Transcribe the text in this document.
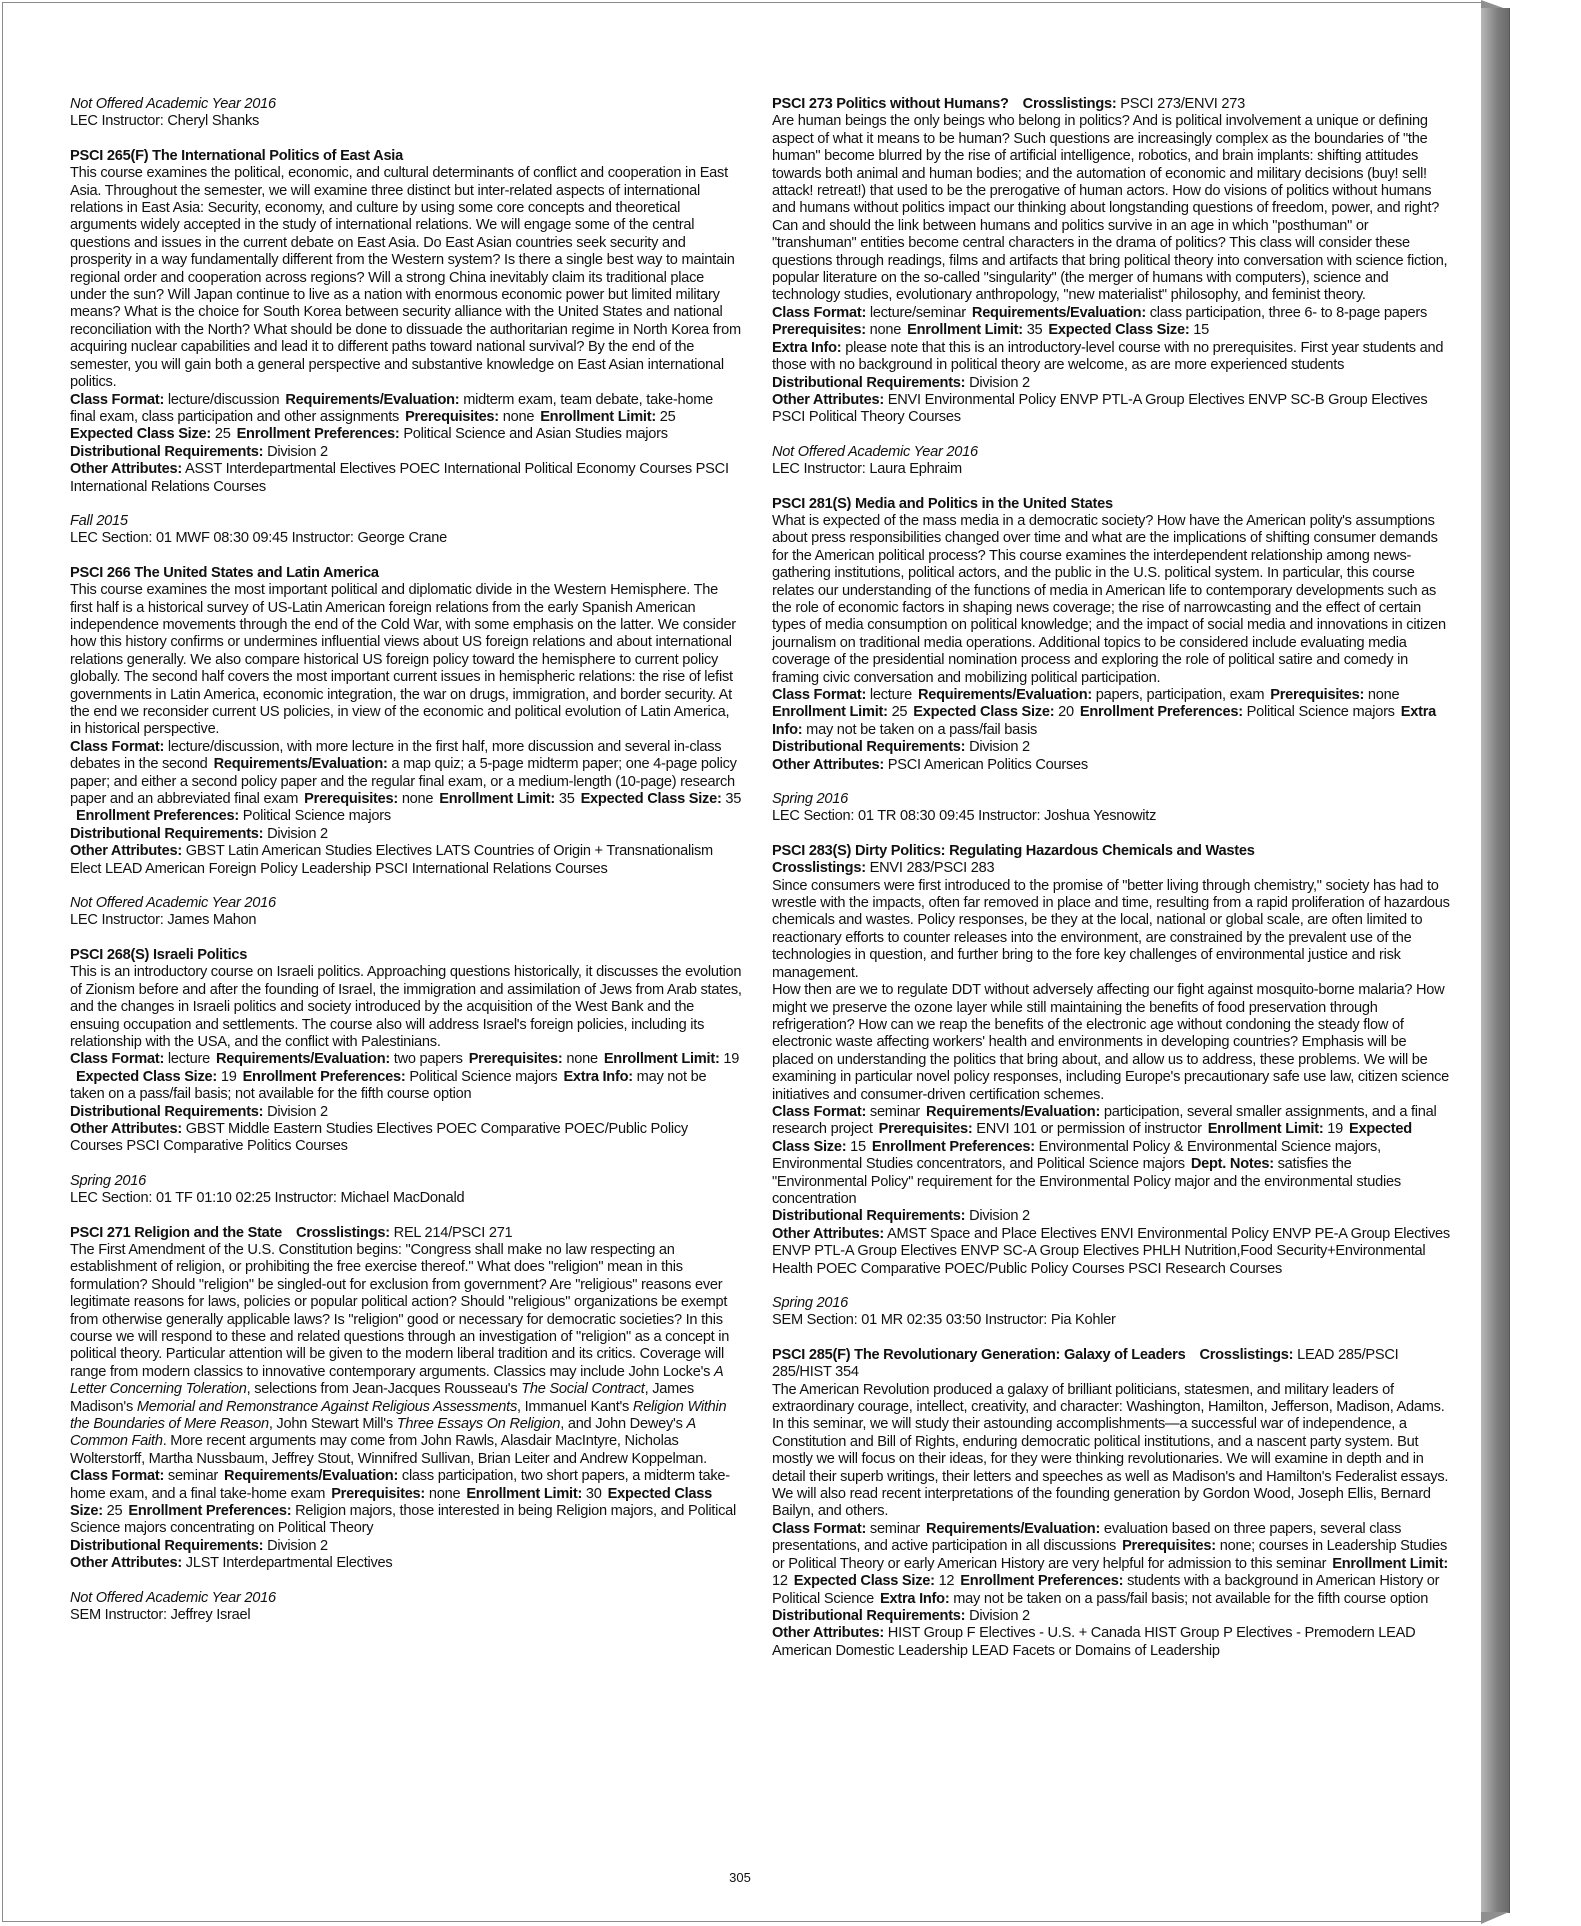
Not Offered Academic Year 2016

LEC Instructor: Cheryl Shanks

PSCI 265(F) The International Politics of East Asia

This course examines the political, economic, and cultural determinants of conflict and cooperation in East Asia. Throughout the semester, we will examine three distinct but inter-related aspects of international relations in East Asia: Security, economy, and culture by using some core concepts and theoretical arguments widely accepted in the study of international relations. We will engage some of the central questions and issues in the current debate on East Asia. Do East Asian countries seek security and prosperity in a way fundamentally different from the Western system? Is there a single best way to maintain regional order and cooperation across regions? Will a strong China inevitably claim its traditional place under the sun? Will Japan continue to live as a nation with enormous economic power but limited military means? What is the choice for South Korea between security alliance with the United States and national reconciliation with the North? What should be done to dissuade the authoritarian regime in North Korea from acquiring nuclear capabilities and lead it to different paths toward national survival? By the end of the semester, you will gain both a general perspective and substantive knowledge on East Asian international politics.

Class Format: lecture/discussion Requirements/Evaluation: midterm exam, team debate, take-home final exam, class participation and other assignments Prerequisites: none Enrollment Limit: 25Expected Class Size: 25 Enrollment Preferences: Political Science and Asian Studies majors

Distributional Requirements: Division 2

Other Attributes: ASST Interdepartmental Electives POEC International Political Economy Courses PSCI International Relations Courses

Fall 2015

LEC Section: 01 MWF 08:30 09:45 Instructor: George Crane

PSCI 266 The United States and Latin America

This course examines the most important political and diplomatic divide in the Western Hemisphere. The first half is a historical survey of US-Latin American foreign relations from the early Spanish American independence movements through the end of the Cold War, with some emphasis on the latter. We consider how this history confirms or undermines influential views about US foreign relations and about international relations generally. We also compare historical US foreign policy toward the hemisphere to current policy globally. The second half covers the most important current issues in hemispheric relations: the rise of lefist governments in Latin America, economic integration, the war on drugs, immigration, and border security. At the end we reconsider current US policies, in view of the economic and political evolution of Latin America, in historical perspective.

Class Format: lecture/discussion, with more lecture in the first half, more discussion and several in-class debates in the second Requirements/Evaluation: a map quiz; a 5-page midterm paper; one 4-page policy paper; and either a second policy paper and the regular final exam, or a medium-length (10-page) research paper and an abbreviated final exam Prerequisites: none Enrollment Limit: 35 Expected Class Size: 35Enrollment Preferences: Political Science majors

Distributional Requirements: Division 2

Other Attributes: GBST Latin American Studies Electives LATS Countries of Origin + Transnationalism Elect LEAD American Foreign Policy Leadership PSCI International Relations Courses

Not Offered Academic Year 2016

LEC Instructor: James Mahon

PSCI 268(S) Israeli Politics

This is an introductory course on Israeli politics. Approaching questions historically, it discusses the evolution of Zionism before and after the founding of Israel, the immigration and assimilation of Jews from Arab states, and the changes in Israeli politics and society introduced by the acquisition of the West Bank and the ensuing occupation and settlements. The course also will address Israel's foreign policies, including its relationship with the USA, and the conflict with Palestinians.

Class Format: lecture Requirements/Evaluation: two papers Prerequisites: none Enrollment Limit: 19Expected Class Size: 19 Enrollment Preferences: Political Science majors Extra Info: may not be taken on a pass/fail basis; not available for the fifth course option

Distributional Requirements: Division 2

Other Attributes: GBST Middle Eastern Studies Electives POEC Comparative POEC/Public Policy Courses PSCI Comparative Politics Courses

Spring 2016

LEC Section: 01 TF 01:10 02:25 Instructor: Michael MacDonald

PSCI 271 Religion and the State Crosslistings: REL 214/PSCI 271

The First Amendment of the U.S. Constitution begins: "Congress shall make no law respecting an establishment of religion, or prohibiting the free exercise thereof." What does "religion" mean in this formulation? Should "religion" be singled-out for exclusion from government? Are "religious" reasons ever legitimate reasons for laws, policies or popular political action? Should "religious" organizations be exempt from otherwise generally applicable laws? Is "religion" good or necessary for democratic societies? In this course we will respond to these and related questions through an investigation of "religion" as a concept in political theory. Particular attention will be given to the modern liberal tradition and its critics. Coverage will range from modern classics to innovative contemporary arguments. Classics may include John Locke's A Letter Concerning Toleration, selections from Jean-Jacques Rousseau's The Social Contract, James Madison's Memorial and Remonstrance Against Religious Assessments, Immanuel Kant's Religion Within the Boundaries of Mere Reason, John Stewart Mill's Three Essays On Religion, and John Dewey's A Common Faith. More recent arguments may come from John Rawls, Alasdair MacIntyre, Nicholas Wolterstorff, Martha Nussbaum, Jeffrey Stout, Winnifred Sullivan, Brian Leiter and Andrew Koppelman.

Class Format: seminar Requirements/Evaluation: class participation, two short papers, a midterm take-home exam, and a final take-home exam Prerequisites: none Enrollment Limit: 30 Expected Class Size: 25 Enrollment Preferences: Religion majors, those interested in being Religion majors, and Political Science majors concentrating on Political Theory

Distributional Requirements: Division 2

Other Attributes: JLST Interdepartmental Electives

Not Offered Academic Year 2016

SEM Instructor: Jeffrey Israel

PSCI 273 Politics without Humans? Crosslistings: PSCI 273/ENVI 273

Are human beings the only beings who belong in politics? And is political involvement a unique or defining aspect of what it means to be human? Such questions are increasingly complex as the boundaries of "the human" become blurred by the rise of artificial intelligence, robotics, and brain implants: shifting attitudes towards both animal and human bodies; and the automation of economic and military decisions (buy! sell! attack! retreat!) that used to be the prerogative of human actors. How do visions of politics without humans and humans without politics impact our thinking about longstanding questions of freedom, power, and right? Can and should the link between humans and politics survive in an age in which "posthuman" or "transhuman" entities become central characters in the drama of politics? This class will consider these questions through readings, films and artifacts that bring political theory into conversation with science fiction, popular literature on the so-called "singularity" (the merger of humans with computers), science and technology studies, evolutionary anthropology, "new materialist" philosophy, and feminist theory.

Class Format: lecture/seminar Requirements/Evaluation: class participation, three 6- to 8-page papersPrerequisites: none Enrollment Limit: 35 Expected Class Size: 15

Extra Info: please note that this is an introductory-level course with no prerequisites. First year students and those with no background in political theory are welcome, as are more experienced students

Distributional Requirements: Division 2

Other Attributes: ENVI Environmental Policy ENVP PTL-A Group Electives ENVP SC-B Group Electives PSCI Political Theory Courses

Not Offered Academic Year 2016

LEC Instructor: Laura Ephraim

PSCI 281(S) Media and Politics in the United States

What is expected of the mass media in a democratic society? How have the American polity's assumptions about press responsibilities changed over time and what are the implications of shifting consumer demands for the American political process? This course examines the interdependent relationship among news-gathering institutions, political actors, and the public in the U.S. political system. In particular, this course relates our understanding of the functions of media in American life to contemporary developments such as the role of economic factors in shaping news coverage; the rise of narrowcasting and the effect of certain types of media consumption on political knowledge; and the impact of social media and innovations in citizen journalism on traditional media operations. Additional topics to be considered include evaluating media coverage of the presidential nomination process and exploring the role of political satire and comedy in framing civic conversation and mobilizing political participation.

Class Format: lecture Requirements/Evaluation: papers, participation, exam Prerequisites: noneEnrollment Limit: 25 Expected Class Size: 20 Enrollment Preferences: Political Science majors Extra Info: may not be taken on a pass/fail basis

Distributional Requirements: Division 2

Other Attributes: PSCI American Politics Courses

Spring 2016

LEC Section: 01 TR 08:30 09:45 Instructor: Joshua Yesnowitz

PSCI 283(S) Dirty Politics: Regulating Hazardous Chemicals and Wastes

Crosslistings: ENVI 283/PSCI 283

Since consumers were first introduced to the promise of "better living through chemistry," society has had to wrestle with the impacts, often far removed in place and time, resulting from a rapid proliferation of hazardous chemicals and wastes. Policy responses, be they at the local, national or global scale, are often limited to reactionary efforts to counter releases into the environment, are constrained by the prevalent use of the technologies in question, and further bring to the fore key challenges of environmental justice and risk management.

How then are we to regulate DDT without adversely affecting our fight against mosquito-borne malaria? How might we preserve the ozone layer while still maintaining the benefits of food preservation through refrigeration? How can we reap the benefits of the electronic age without condoning the steady flow of electronic waste affecting workers' health and environments in developing countries? Emphasis will be placed on understanding the politics that bring about, and allow us to address, these problems. We will be examining in particular novel policy responses, including Europe's precautionary safe use law, citizen science initiatives and consumer-driven certification schemes.

Class Format: seminar Requirements/Evaluation: participation, several smaller assignments, and a final research project Prerequisites: ENVI 101 or permission of instructor Enrollment Limit: 19 Expected Class Size: 15 Enrollment Preferences: Environmental Policy & Environmental Science majors, Environmental Studies concentrators, and Political Science majors Dept. Notes: satisfies the "Environmental Policy" requirement for the Environmental Policy major and the environmental studies concentration

Distributional Requirements: Division 2

Other Attributes: AMST Space and Place Electives ENVI Environmental Policy ENVP PE-A Group Electives ENVP PTL-A Group Electives ENVP SC-A Group Electives PHLH Nutrition,Food Security+Environmental Health POEC Comparative POEC/Public Policy Courses PSCI Research Courses

Spring 2016

SEM Section: 01 MR 02:35 03:50 Instructor: Pia Kohler

PSCI 285(F) The Revolutionary Generation: Galaxy of Leaders Crosslistings: LEAD 285/PSCI 285/HIST 354

The American Revolution produced a galaxy of brilliant politicians, statesmen, and military leaders of extraordinary courage, intellect, creativity, and character: Washington, Hamilton, Jefferson, Madison, Adams. In this seminar, we will study their astounding accomplishments—a successful war of independence, a Constitution and Bill of Rights, enduring democratic political institutions, and a nascent party system. But mostly we will focus on their ideas, for they were thinking revolutionaries. We will examine in depth and in detail their superb writings, their letters and speeches as well as Madison's and Hamilton's Federalist essays. We will also read recent interpretations of the founding generation by Gordon Wood, Joseph Ellis, Bernard Bailyn, and others.

Class Format: seminar Requirements/Evaluation: evaluation based on three papers, several class presentations, and active participation in all discussions Prerequisites: none; courses in Leadership Studies or Political Theory or early American History are very helpful for admission to this seminar Enrollment Limit: 12 Expected Class Size: 12 Enrollment Preferences: students with a background in American History or Political Science Extra Info: may not be taken on a pass/fail basis; not available for the fifth course option

Distributional Requirements: Division 2

Other Attributes: HIST Group F Electives - U.S. + Canada HIST Group P Electives - Premodern LEAD American Domestic Leadership LEAD Facets or Domains of Leadership

305
